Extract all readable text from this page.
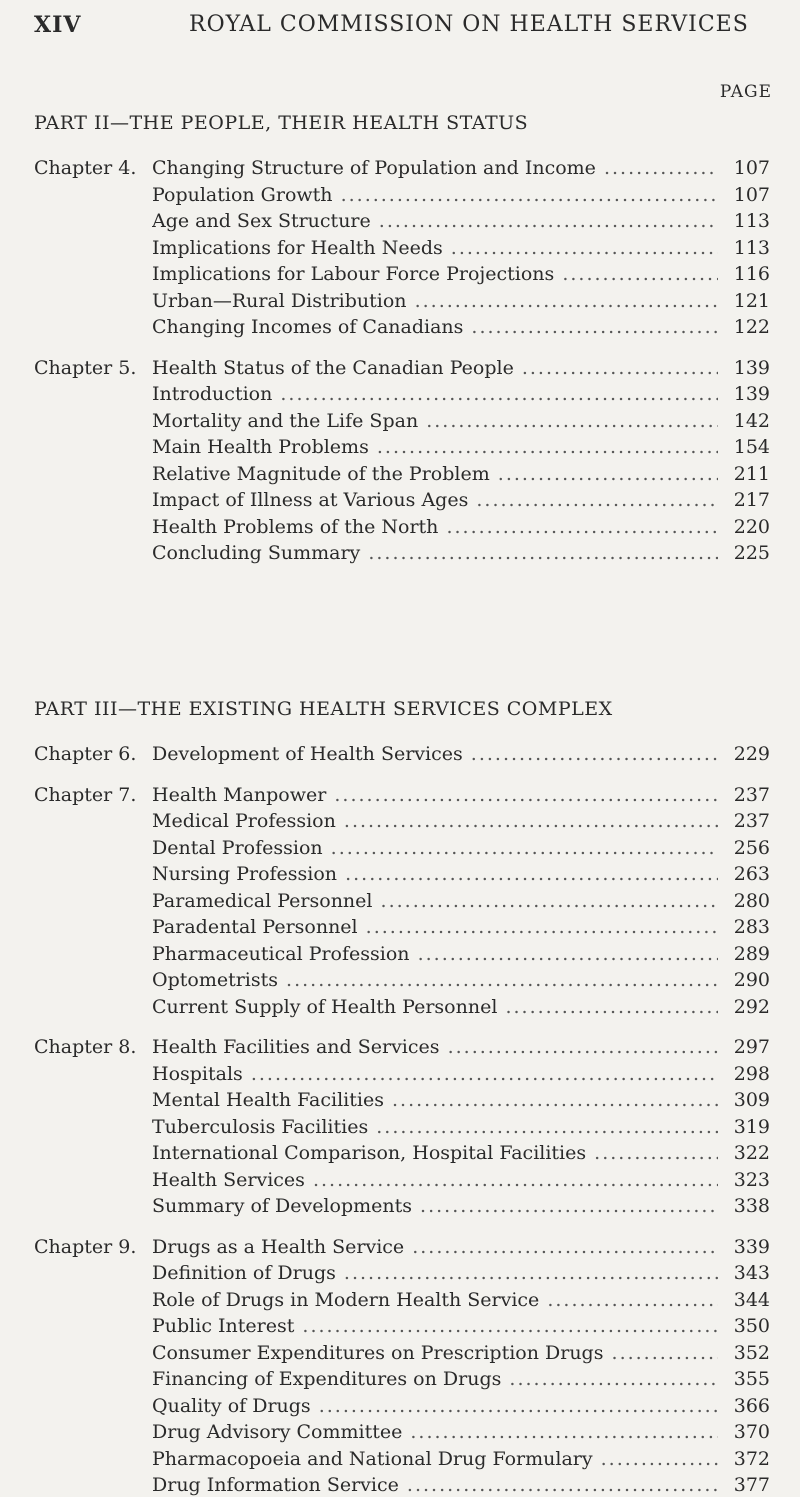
XIV	ROYAL COMMISSION ON HEALTH SERVICES
PAGE
PART II—THE PEOPLE, THEIR HEALTH STATUS
Chapter 4. Changing Structure of Population and Income .....	107
Population Growth .....	107
Age and Sex Structure .....	113
Implications for Health Needs .....	113
Implications for Labour Force Projections .....	116
Urban—Rural Distribution .....	121
Changing Incomes of Canadians .....	122
Chapter 5. Health Status of the Canadian People .....	139
Introduction .....	139
Mortality and the Life Span .....	142
Main Health Problems .....	154
Relative Magnitude of the Problem .....	211
Impact of Illness at Various Ages .....	217
Health Problems of the North .....	220
Concluding Summary .....	225
PART III—THE EXISTING HEALTH SERVICES COMPLEX
Chapter 6. Development of Health Services .....	229
Chapter 7. Health Manpower .....	237
Medical Profession .....	237
Dental Profession .....	256
Nursing Profession .....	263
Paramedical Personnel .....	280
Paradental Personnel .....	283
Pharmaceutical Profession .....	289
Optometrists .....	290
Current Supply of Health Personnel .....	292
Chapter 8. Health Facilities and Services .....	297
Hospitals .....	298
Mental Health Facilities .....	309
Tuberculosis Facilities .....	319
International Comparison, Hospital Facilities .....	322
Health Services .....	323
Summary of Developments .....	338
Chapter 9. Drugs as a Health Service .....	339
Definition of Drugs .....	343
Role of Drugs in Modern Health Service .....	344
Public Interest .....	350
Consumer Expenditures on Prescription Drugs .....	352
Financing of Expenditures on Drugs .....	355
Quality of Drugs .....	366
Drug Advisory Committee .....	370
Pharmacopoeia and National Drug Formulary .....	372
Drug Information Service .....	377
